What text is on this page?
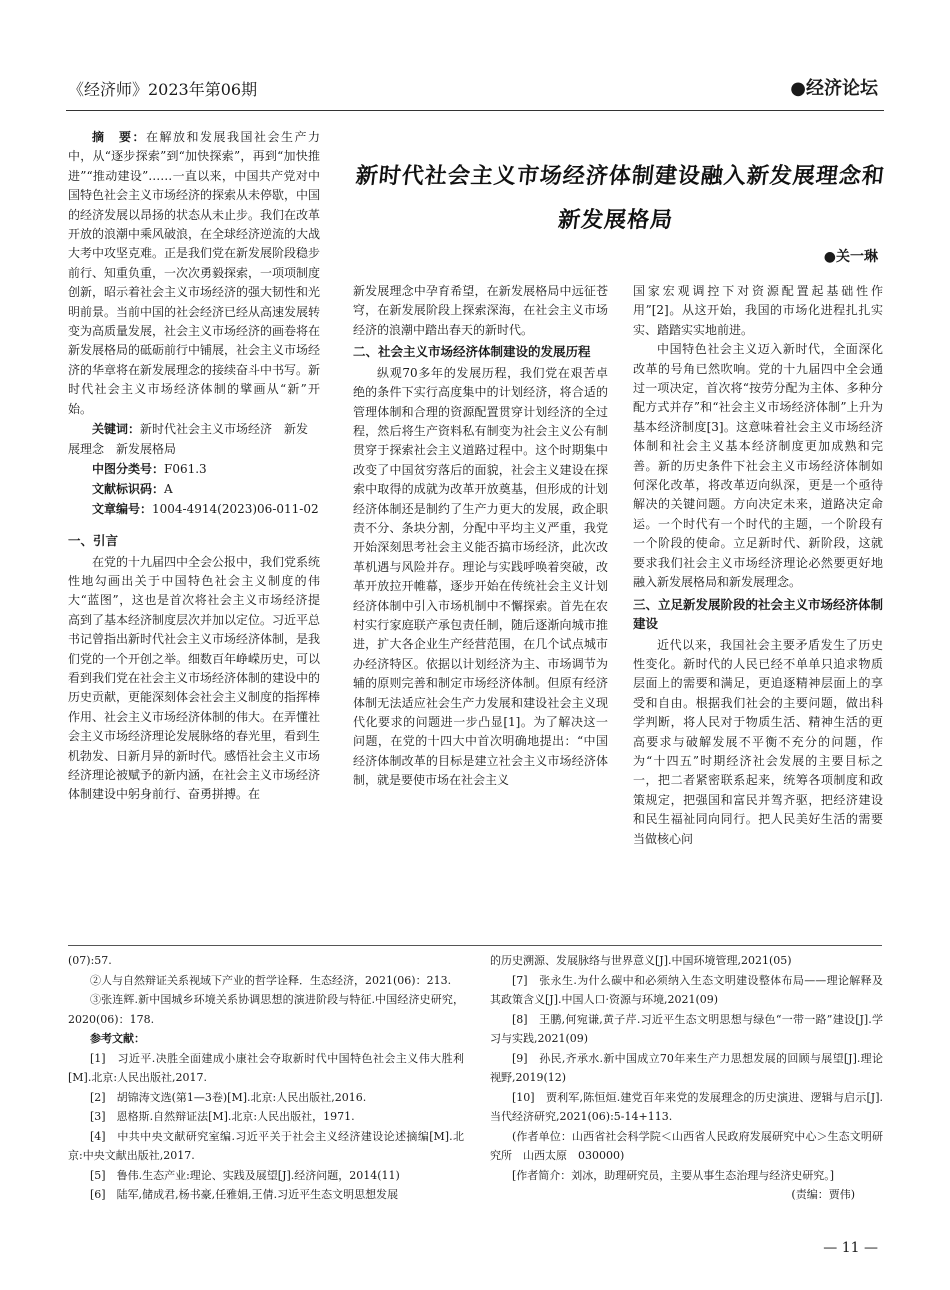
《经济师》2023年第06期	●经济论坛
新时代社会主义市场经济体制建设融入新发展理念和新发展格局
●关一琳

摘　要：在解放和发展我国社会生产力中，从“逐步探索”到“加快探索”，再到“加快推进”“推动建设”……一直以来，中国共产党对中国特色社会主义市场经济的探索从未停歇，中国的经济发展以昂扬的状态从未止步。我们在改革开放的浪潮中乘风破浪，在全球经济逆流的大战大考中攻坚克难。正是我们党在新发展阶段稳步前行、知重负重，一次次勇毅探索，一项项制度创新，昭示着社会主义市场经济的强大韧性和光明前景。当前中国的社会经济已经从高速发展转变为高质量发展，社会主义市场经济的画卷将在新发展格局的砥砺前行中铺展，社会主义市场经济的华章将在新发展理念的接续奋斗中书写。新时代社会主义市场经济体制的擘画从“新”开始。

关键词：新时代社会主义市场经济　新发展理念　新发展格局

中图分类号：F061.3

文献标识码：A

文章编号：1004-4914(2023)06-011-02

一、引言

在党的十九届四中全会公报中，我们党系统性地勾画出关于中国特色社会主义制度的伟大“蓝图”，这也是首次将社会主义市场经济提高到了基本经济制度层次并加以定位。习近平总书记曾指出新时代社会主义市场经济体制，是我们党的一个开创之举。细数百年峥嵘历史，可以看到我们党在社会主义市场经济体制的建设中的历史贡献，更能深刻体会社会主义制度的指挥棒作用、社会主义市场经济体制的伟大。在弄懂社会主义市场经济理论发展脉络的春光里，看到生机勃发、日新月异的新时代。感悟社会主义市场经济理论被赋予的新内涵，在社会主义市场经济体制建设中躬身前行、奋勇拼搏。在

新发展理念中孕育希望，在新发展格局中远征苍穹，在新发展阶段上探索深海，在社会主义市场经济的浪潮中踏出春天的新时代。

二、社会主义市场经济体制建设的发展历程

纵观70多年的发展历程，我们党在艰苦卓绝的条件下实行高度集中的计划经济，将合适的管理体制和合理的资源配置贯穿计划经济的全过程，然后将生产资料私有制变为社会主义公有制贯穿于探索社会主义道路过程中。这个时期集中改变了中国贫穷落后的面貌，社会主义建设在探索中取得的成就为改革开放奠基，但形成的计划经济体制还是制约了生产力更大的发展，政企职责不分、条块分割，分配中平均主义严重，我党开始深刻思考社会主义能否搞市场经济，此次改革机遇与风险并存。理论与实践呼唤着突破，改革开放拉开帷幕，逐步开始在传统社会主义计划经济体制中引入市场机制中不懈探索。首先在农村实行家庭联产承包责任制，随后逐渐向城市推进，扩大各企业生产经营范围，在几个试点城市办经济特区。依据以计划经济为主、市场调节为辅的原则完善和制定市场经济体制。但原有经济体制无法适应社会生产力发展和建设社会主义现代化要求的问题进一步凸显[1]。为了解决这一问题，在党的十四大中首次明确地提出：“中国经济体制改革的目标是建立社会主义市场经济体制，就是要使市场在社会主义

国家宏观调控下对资源配置起基础性作用”[2]。从这开始，我国的市场化进程扎扎实实、踏踏实实地前进。

中国特色社会主义迈入新时代，全面深化改革的号角已然吹响。党的十九届四中全会通过一项决定，首次将“按劳分配为主体、多种分配方式并存”和“社会主义市场经济体制”上升为基本经济制度[3]。这意味着社会主义市场经济体制和社会主义基本经济制度更加成熟和完善。新的历史条件下社会主义市场经济体制如何深化改革，将改革迈向纵深，更是一个亟待解决的关键问题。方向决定未来，道路决定命运。一个时代有一个时代的主题，一个阶段有一个阶段的使命。立足新时代、新阶段，这就要求我们社会主义市场经济理论必然要更好地融入新发展格局和新发展理念。

三、立足新发展阶段的社会主义市场经济体制建设

近代以来，我国社会主要矛盾发生了历史性变化。新时代的人民已经不单单只追求物质层面上的需要和满足，更追逐精神层面上的享受和自由。根据我们社会的主要问题，做出科学判断，将人民对于物质生活、精神生活的更高要求与破解发展不平衡不充分的问题，作为“十四五”时期经济社会发展的主要目标之一，把二者紧密联系起来，统筹各项制度和政策规定，把强国和富民并驾齐驱，把经济建设和民生福祉同向同行。把人民美好生活的需要当做核心问

(07):57.

②人与自然辩证关系视域下产业的哲学诠释．生态经济，2021(06)：213.

③张连辉.新中国城乡环境关系协调思想的演进阶段与特征.中国经济史研究，2020(06)：178.

参考文献：

[1]　习近平.决胜全面建成小康社会夺取新时代中国特色社会主义伟大胜利[M].北京:人民出版社,2017.

[2]　胡锦涛文选(第1—3卷)[M].北京:人民出版社,2016.

[3]　恩格斯.自然辩证法[M].北京:人民出版社，1971.

[4]　中共中央文献研究室编.习近平关于社会主义经济建设论述摘编[M].北京:中央文献出版社,2017.

[5]　鲁伟.生态产业:理论、实践及展望[J].经济问题，2014(11)

[6]　陆军,储成君,杨书豪,任雅娟,王倩.习近平生态文明思想发展

的历史溯源、发展脉络与世界意义[J].中国环境管理,2021(05)

[7]　张永生.为什么碳中和必须纳入生态文明建设整体布局——理论解释及其政策含义[J].中国人口·资源与环境,2021(09)

[8]　王鹏,何宛谦,黄子芹.习近平生态文明思想与绿色“一带一路”建设[J].学习与实践,2021(09)

[9]　孙民,齐承水.新中国成立70年来生产力思想发展的回顾与展望[J].理论视野,2019(12)

[10]　贾利军,陈恒烜.建党百年来党的发展理念的历史演进、逻辑与启示[J].当代经济研究,2021(06):5-14+113.

(作者单位：山西省社会科学院＜山西省人民政府发展研究中心＞生态文明研究所　山西太原　030000)

[作者简介：刘冰，助理研究员，主要从事生态治理与经济史研究。]

(责编：贾伟)

— 11 —
